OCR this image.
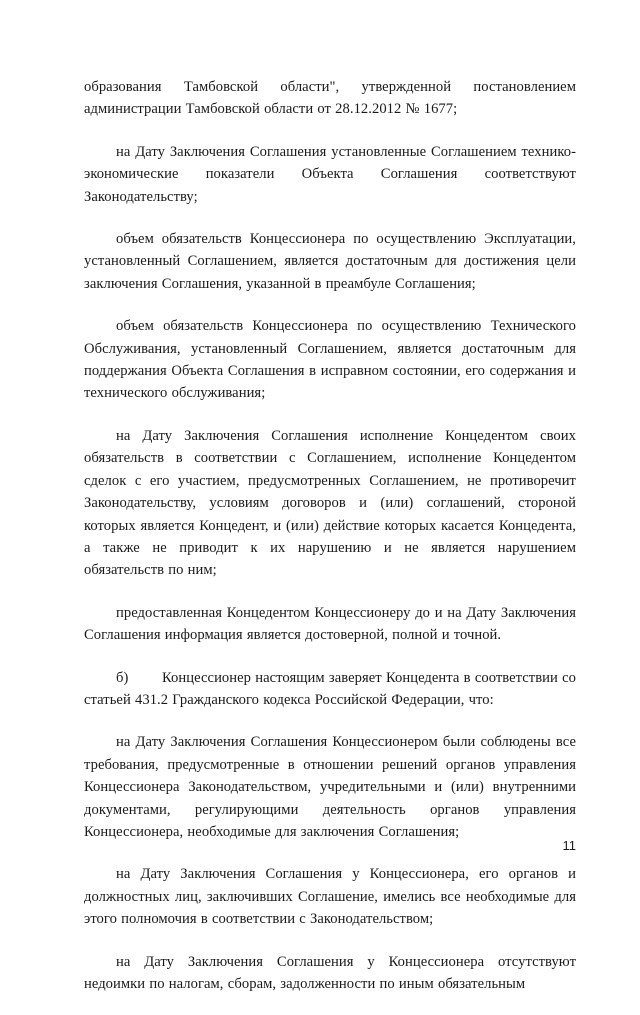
образования Тамбовской области", утвержденной постановлением администрации Тамбовской области от 28.12.2012 № 1677;

на Дату Заключения Соглашения установленные Соглашением технико-экономические показатели Объекта Соглашения соответствуют Законодательству;

объем обязательств Концессионера по осуществлению Эксплуатации, установленный Соглашением, является достаточным для достижения цели заключения Соглашения, указанной в преамбуле Соглашения;

объем обязательств Концессионера по осуществлению Технического Обслуживания, установленный Соглашением, является достаточным для поддержания Объекта Соглашения в исправном состоянии, его содержания и технического обслуживания;

на Дату Заключения Соглашения исполнение Концедентом своих обязательств в соответствии с Соглашением, исполнение Концедентом сделок с его участием, предусмотренных Соглашением, не противоречит Законодательству, условиям договоров и (или) соглашений, стороной которых является Концедент, и (или) действие которых касается Концедента, а также не приводит к их нарушению и не является нарушением обязательств по ним;

предоставленная Концедентом Концессионеру до и на Дату Заключения Соглашения информация является достоверной, полной и точной.

б) Концессионер настоящим заверяет Концедента в соответствии со статьей 431.2 Гражданского кодекса Российской Федерации, что:

на Дату Заключения Соглашения Концессионером были соблюдены все требования, предусмотренные в отношении решений органов управления Концессионера Законодательством, учредительными и (или) внутренними документами, регулирующими деятельность органов управления Концессионера, необходимые для заключения Соглашения;

на Дату Заключения Соглашения у Концессионера, его органов и должностных лиц, заключивших Соглашение, имелись все необходимые для этого полномочия в соответствии с Законодательством;

на Дату Заключения Соглашения у Концессионера отсутствуют недоимки по налогам, сборам, задолженности по иным обязательным

11
